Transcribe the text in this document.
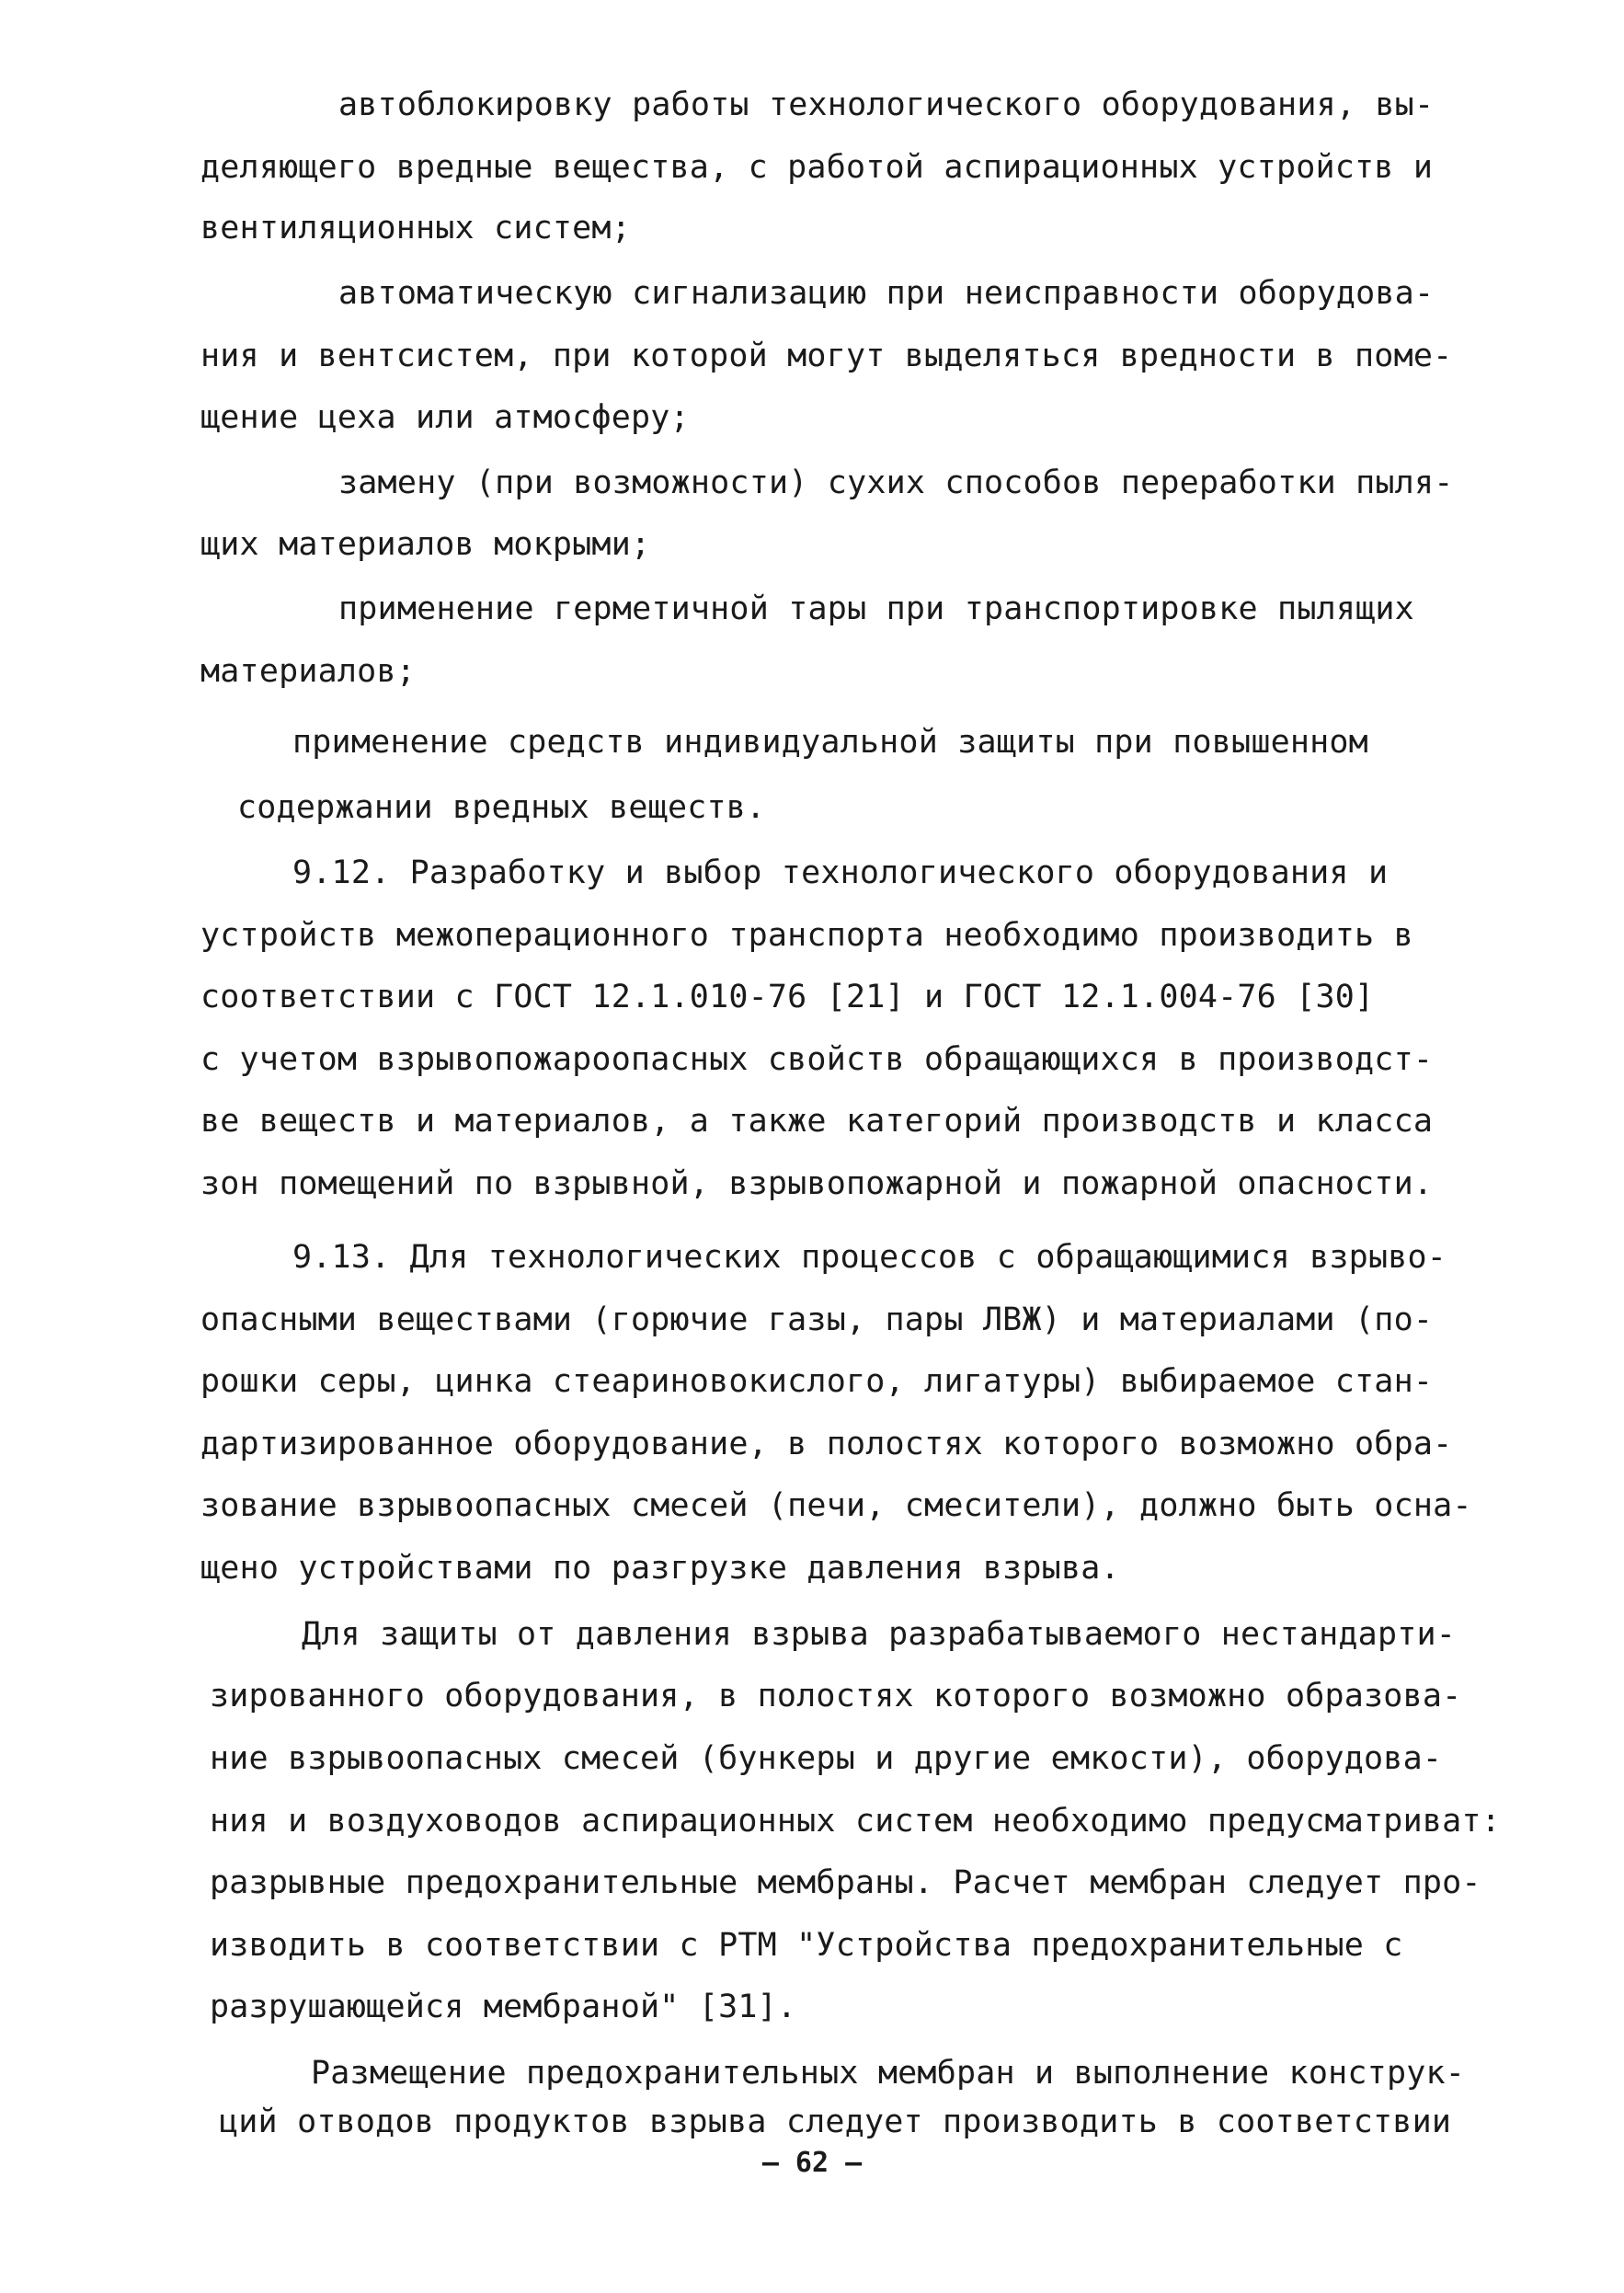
автоблокировку работы технологического оборудования, вы-
деляющего вредные вещества, с работой аспирационных устройств и
вентиляционных систем;
автоматическую сигнализацию при неисправности оборудова-
ния и вентсистем, при которой могут выделяться вредности в поме-
щение цеха или атмосферу;
замену (при возможности) сухих способов переработки пыля-
щих материалов мокрыми;
применение герметичной тары при транспортировке пылящих
материалов;
применение средств индивидуальной защиты при повышенном
содержании вредных веществ.
9.12. Разработку и выбор технологического оборудования и
устройств межоперационного транспорта необходимо производить в
соответствии с ГОСТ 12.1.010-76 [21] и ГОСТ 12.1.004-76 [30]
с учетом взрывопожароопасных свойств обращающихся в производст-
ве веществ и материалов, а также категорий производств и класса
зон помещений по взрывной, взрывопожарной и пожарной опасности.
9.13. Для технологических процессов с обращающимися взрыво-
опасными веществами (горючие газы, пары ЛВЖ) и материалами (по-
рошки серы, цинка стеариновокислого, лигатуры) выбираемое стан-
дартизированное оборудование, в полостях которого возможно обра-
зование взрывоопасных смесей (печи, смесители), должно быть осна-
щено устройствами по разгрузке давления взрыва.
Для защиты от давления взрыва разрабатываемого нестандарти-
зированного оборудования, в полостях которого возможно образова-
ние взрывоопасных смесей (бункеры и другие емкости), оборудова-
ния и воздуховодов аспирационных систем необходимо предусматриват:
разрывные предохранительные мембраны. Расчет мембран следует про-
изводить в соответствии с РТМ "Устройства предохранительные с
разрушающейся мембраной" [31].
Размещение предохранительных мембран и выполнение конструк-
ций отводов продуктов взрыва следует производить в соответствии
— 62 —
